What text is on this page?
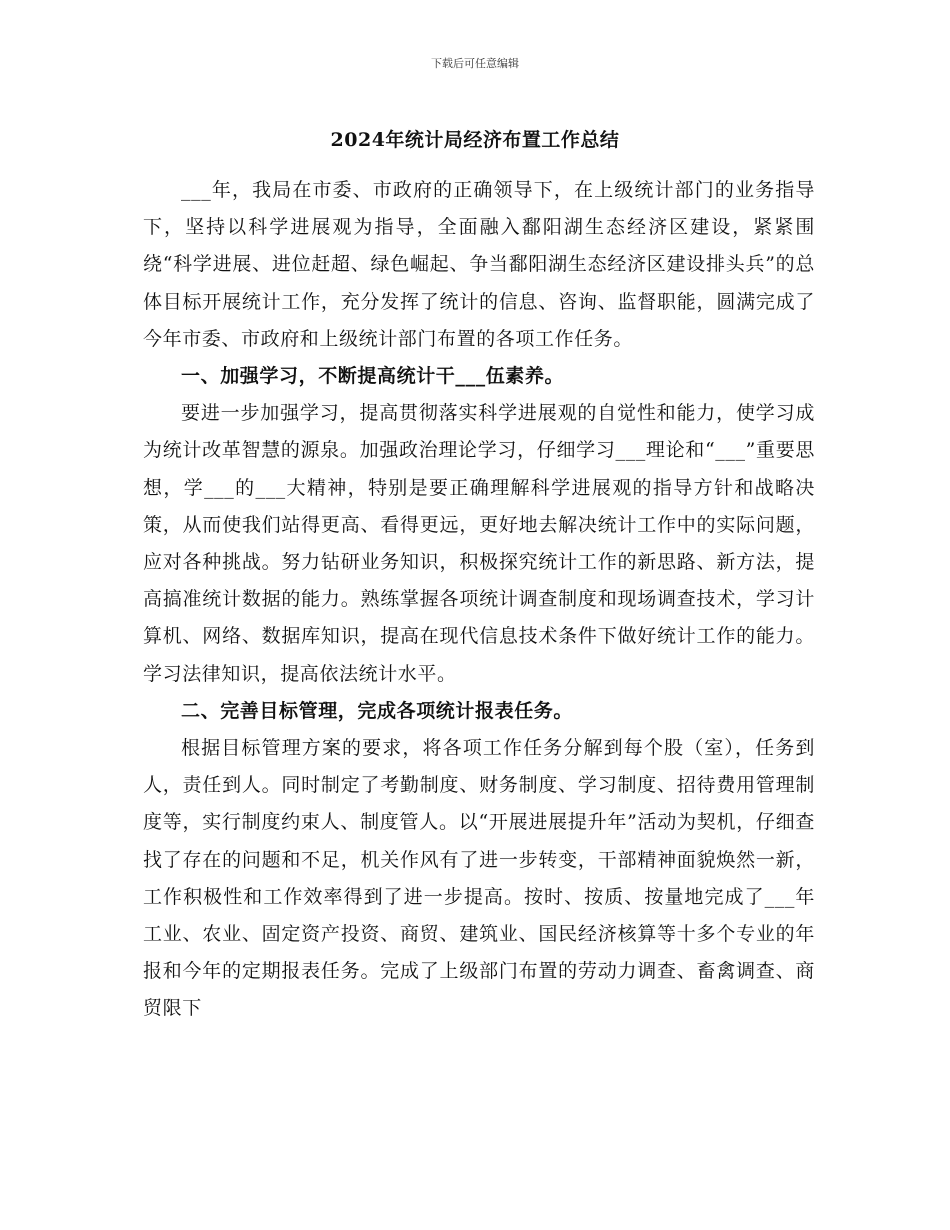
下载后可任意编辑
2024年统计局经济布置工作总结

___年，我局在市委、市政府的正确领导下，在上级统计部门的业务指导下，坚持以科学进展观为指导，全面融入鄱阳湖生态经济区建设，紧紧围绕“科学进展、进位赶超、绿色崛起、争当鄱阳湖生态经济区建设排头兵”的总体目标开展统计工作，充分发挥了统计的信息、咨询、监督职能，圆满完成了今年市委、市政府和上级统计部门布置的各项工作任务。

一、加强学习，不断提高统计干___伍素养。

要进一步加强学习，提高贯彻落实科学进展观的自觉性和能力，使学习成为统计改革智慧的源泉。加强政治理论学习，仔细学习___理论和“___”重要思想，学___的___大精神，特别是要正确理解科学进展观的指导方针和战略决策，从而使我们站得更高、看得更远，更好地去解决统计工作中的实际问题，应对各种挑战。努力钻研业务知识，积极探究统计工作的新思路、新方法，提高搞准统计数据的能力。熟练掌握各项统计调查制度和现场调查技术，学习计算机、网络、数据库知识，提高在现代信息技术条件下做好统计工作的能力。学习法律知识，提高依法统计水平。

二、完善目标管理，完成各项统计报表任务。

根据目标管理方案的要求，将各项工作任务分解到每个股（室），任务到人，责任到人。同时制定了考勤制度、财务制度、学习制度、招待费用管理制度等，实行制度约束人、制度管人。以“开展进展提升年”活动为契机，仔细查找了存在的问题和不足，机关作风有了进一步转变，干部精神面貌焕然一新，工作积极性和工作效率得到了进一步提高。按时、按质、按量地完成了___年工业、农业、固定资产投资、商贸、建筑业、国民经济核算等十多个专业的年报和今年的定期报表任务。完成了上级部门布置的劳动力调查、畜禽调查、商贸限下
